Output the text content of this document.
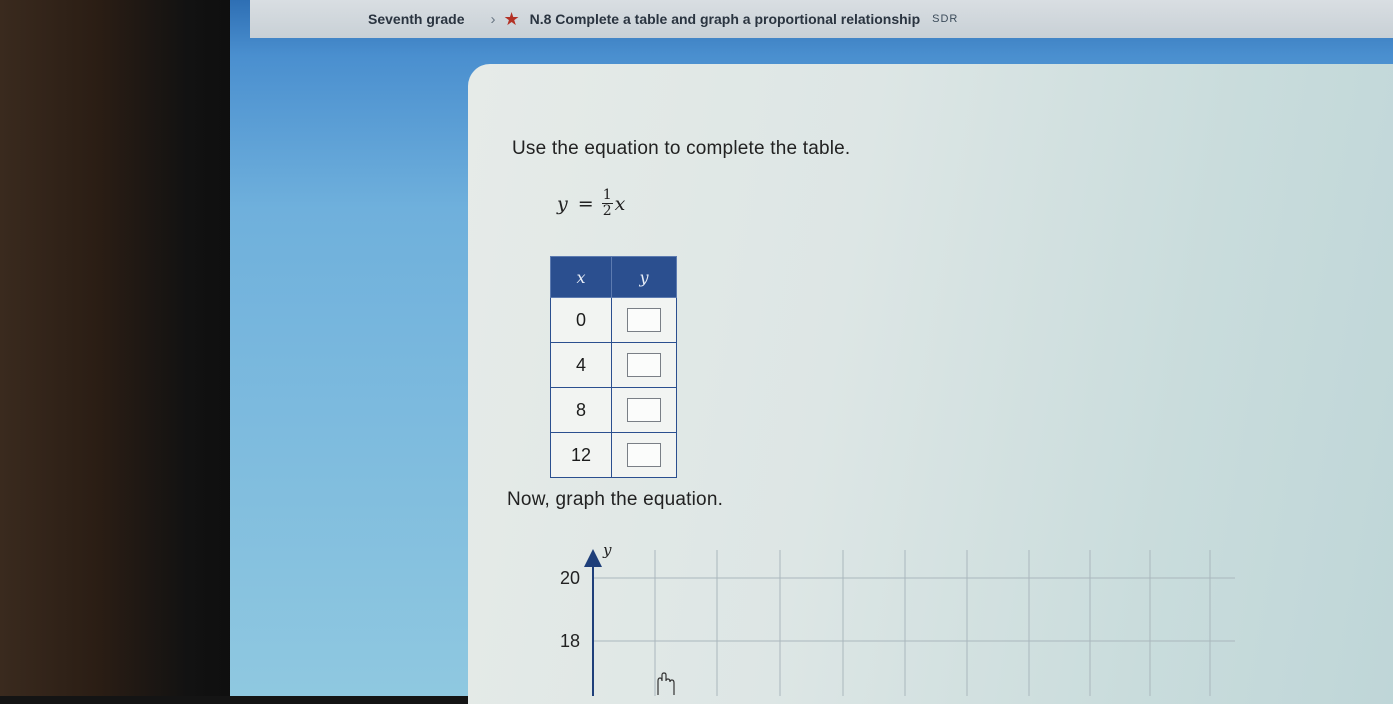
Seventh grade › ★ N.8 Complete a table and graph a proportional relationship SDR
Use the equation to complete the table.
$y = \frac{1}{2}$ x
x	y
0	
4	
8	
12	
Now, graph the equation.
y
20
18
